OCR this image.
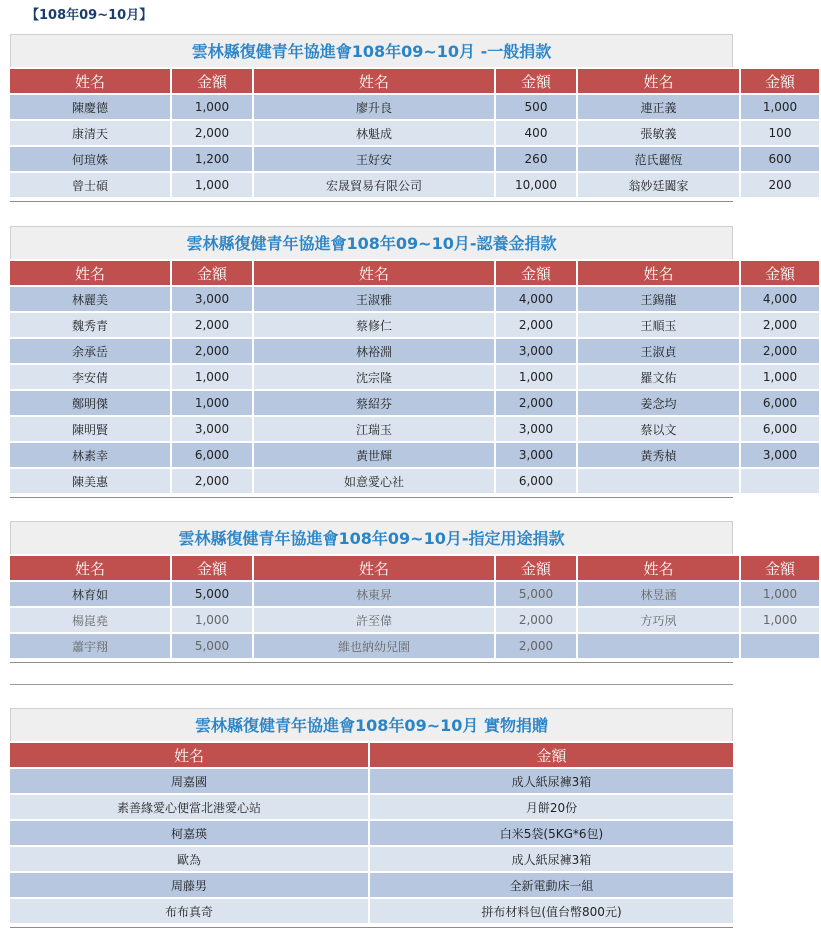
【108年09~10月】
雲林縣復健青年協進會108年09~10月 -一般捐款
姓名	金額	姓名	金額	姓名	金額
陳慶德	1,000	廖升良	500	連正義	1,000
康清天	2,000	林魁成	400	張敏義	100
何瑄姝	1,200	王好安	260	范氏麗恆	600
曾士碩	1,000	宏晟貿易有限公司	10,000	翁妙廷闔家	200
雲林縣復健青年協進會108年09~10月-認養金捐款
姓名	金額	姓名	金額	姓名	金額
林麗美	3,000	王淑雅	4,000	王錫龍	4,000
魏秀青	2,000	蔡修仁	2,000	王順玉	2,000
余承岳	2,000	林裕淵	3,000	王淑貞	2,000
李安倩	1,000	沈宗隆	1,000	羅文佑	1,000
鄭明傑	1,000	蔡紹芬	2,000	姜念均	6,000
陳明賢	3,000	江瑞玉	3,000	蔡以文	6,000
林素幸	6,000	黃世輝	3,000	黃秀楨	3,000
陳美惠	2,000	如意愛心社	6,000		
雲林縣復健青年協進會108年09~10月-指定用途捐款
姓名	金額	姓名	金額	姓名	金額
林育如	5,000	林東昇	5,000	林昱涵	1,000
楊崑堯	1,000	許至偉	2,000	方巧夙	1,000
蕭宇翔	5,000	維也納幼兒園	2,000		
雲林縣復健青年協進會108年09~10月 實物捐贈
姓名	金額
周嘉國	成人紙尿褲3箱
素善緣愛心便當北港愛心站	月餅20份
柯嘉瑛	白米5袋(5KG*6包)
歐為	成人紙尿褲3箱
周藤男	全新電動床一組
布布真奇	拼布材料包(值台幣800元)
